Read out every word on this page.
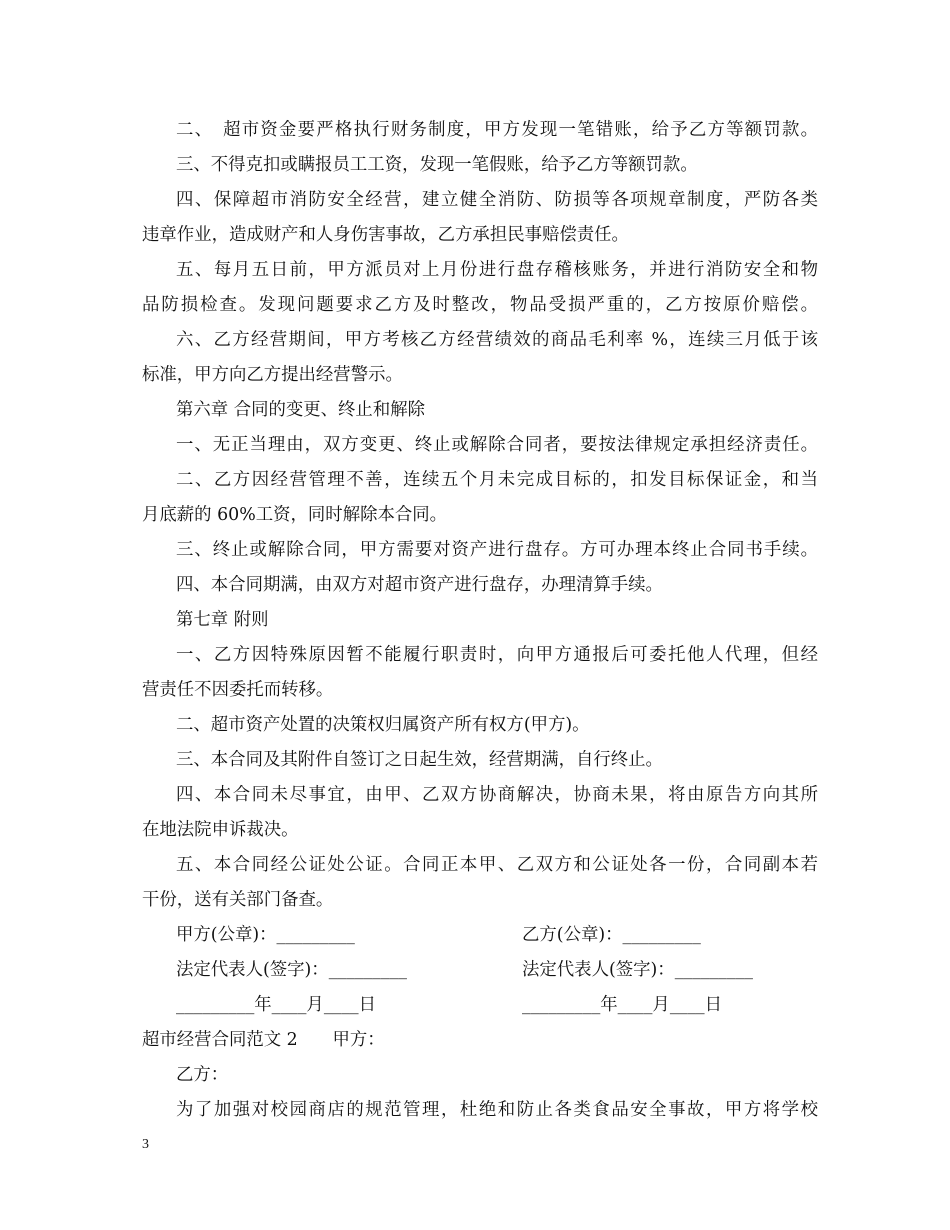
二、　超市资金要严格执行财务制度，甲方发现一笔错账，给予乙方等额罚款。
三、不得克扣或瞒报员工工资，发现一笔假账，给予乙方等额罚款。
四、保障超市消防安全经营，建立健全消防、防损等各项规章制度，严防各类
违章作业，造成财产和人身伤害事故，乙方承担民事赔偿责任。
五、每月五日前，甲方派员对上月份进行盘存稽核账务，并进行消防安全和物
品防损检查。发现问题要求乙方及时整改，物品受损严重的，乙方按原价赔偿。
六、乙方经营期间，甲方考核乙方经营绩效的商品毛利率 %，连续三月低于该
标准，甲方向乙方提出经营警示。
第六章 合同的变更、终止和解除
一、无正当理由，双方变更、终止或解除合同者，要按法律规定承担经济责任。
二、乙方因经营管理不善，连续五个月未完成目标的，扣发目标保证金，和当
月底薪的 60%工资，同时解除本合同。
三、终止或解除合同，甲方需要对资产进行盘存。方可办理本终止合同书手续。
四、本合同期满，由双方对超市资产进行盘存，办理清算手续。
第七章 附则
一、乙方因特殊原因暂不能履行职责时，向甲方通报后可委托他人代理，但经
营责任不因委托而转移。
二、超市资产处置的决策权归属资产所有权方(甲方)。
三、本合同及其附件自签订之日起生效，经营期满，自行终止。
四、本合同未尽事宜，由甲、乙双方协商解决，协商未果，将由原告方向其所
在地法院申诉裁决。
五、本合同经公证处公证。合同正本甲、乙双方和公证处各一份，合同副本若
干份，送有关部门备查。
甲方(公章)：_________	乙方(公章)：_________
法定代表人(签字)：_________	法定代表人(签字)：_________
_________年____月____日	_________年____月____日
超市经营合同范文 2　　甲方：
乙方：
为了加强对校园商店的规范管理，杜绝和防止各类食品安全事故，甲方将学校
3
